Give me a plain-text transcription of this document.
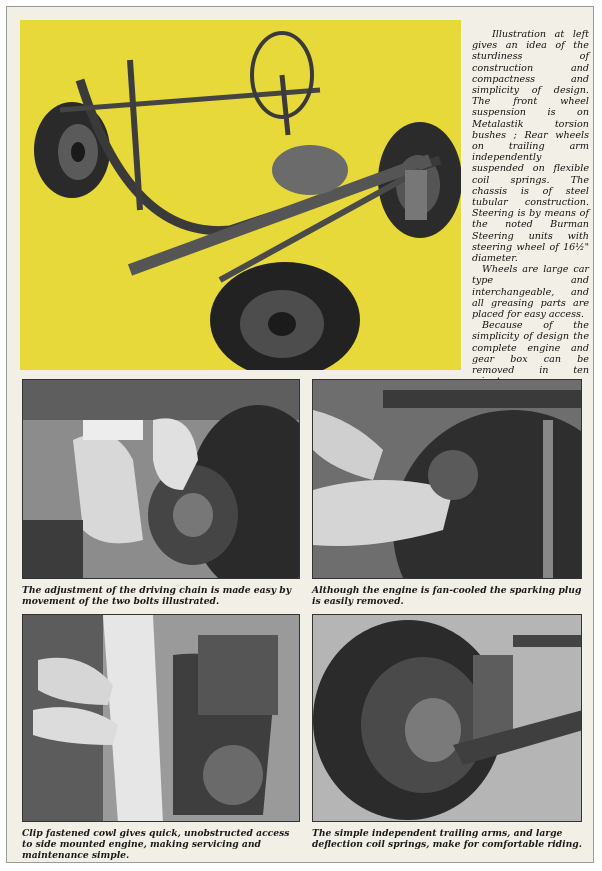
Illustration at left gives an idea of the sturdiness of construction and compactness and simplicity of design. The front wheel suspension is on Metalastik torsion bushes ; Rear wheels on trailing arm independently suspended on flexible coil springs. The chassis is of steel tubular construction. Steering is by means of the noted Burman Steering units with steering wheel of 16½" diameter.

Wheels are large car type and interchangeable, and all greasing parts are placed for easy access.

Because of the simplicity of design the complete engine and gear box can be removed in ten

The adjustment of the driving chain is made easy by movement of the two bolts illustrated.
Although the engine is fan-cooled the sparking plug is easily removed.
Clip fastened cowl gives quick, unobstructed access to side mounted engine, making servicing and maintenance simple.
The simple independent trailing arms, and large deflection coil springs, make for comfortable riding.
